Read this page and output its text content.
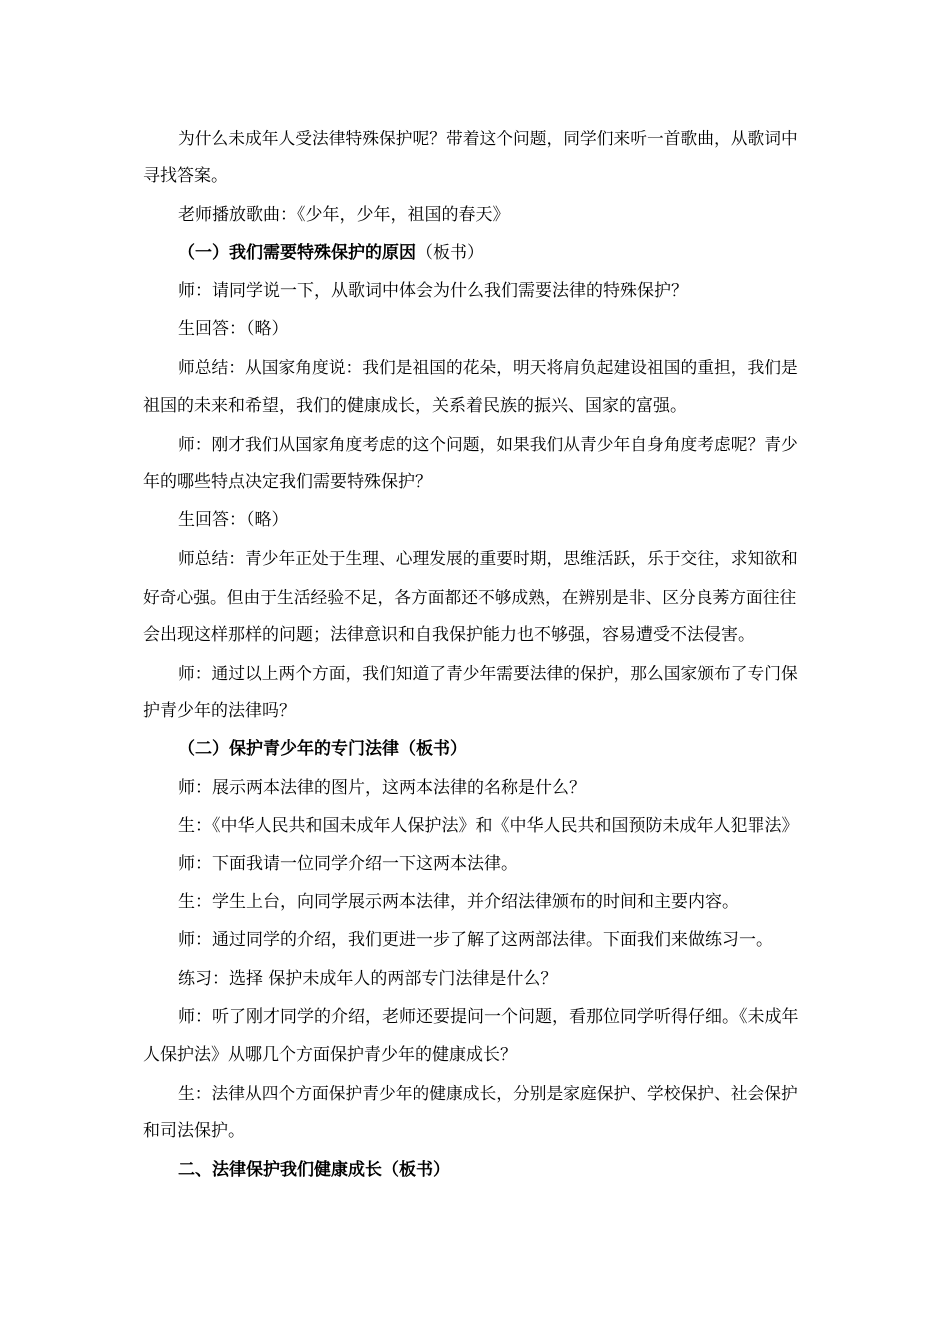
为什么未成年人受法律特殊保护呢？带着这个问题，同学们来听一首歌曲，从歌词中
寻找答案。
老师播放歌曲：《少年，少年，祖国的春天》
（一）我们需要特殊保护的原因（板书）
师：请同学说一下，从歌词中体会为什么我们需要法律的特殊保护？
生回答：（略）
师总结：从国家角度说：我们是祖国的花朵，明天将肩负起建设祖国的重担，我们是
祖国的未来和希望，我们的健康成长，关系着民族的振兴、国家的富强。
师：刚才我们从国家角度考虑的这个问题，如果我们从青少年自身角度考虑呢？青少
年的哪些特点决定我们需要特殊保护？
生回答：（略）
师总结：青少年正处于生理、心理发展的重要时期，思维活跃，乐于交往，求知欲和
好奇心强。但由于生活经验不足，各方面都还不够成熟，在辨别是非、区分良莠方面往往
会出现这样那样的问题；法律意识和自我保护能力也不够强，容易遭受不法侵害。
师：通过以上两个方面，我们知道了青少年需要法律的保护，那么国家颁布了专门保
护青少年的法律吗？
（二）保护青少年的专门法律（板书）
师：展示两本法律的图片，这两本法律的名称是什么？
生：《中华人民共和国未成年人保护法》和《中华人民共和国预防未成年人犯罪法》
师：下面我请一位同学介绍一下这两本法律。
生：学生上台，向同学展示两本法律，并介绍法律颁布的时间和主要内容。
师：通过同学的介绍，我们更进一步了解了这两部法律。下面我们来做练习一。
练习：选择 保护未成年人的两部专门法律是什么？
师：听了刚才同学的介绍，老师还要提问一个问题，看那位同学听得仔细。《未成年
人保护法》从哪几个方面保护青少年的健康成长？
生：法律从四个方面保护青少年的健康成长，分别是家庭保护、学校保护、社会保护
和司法保护。
二、法律保护我们健康成长（板书）
